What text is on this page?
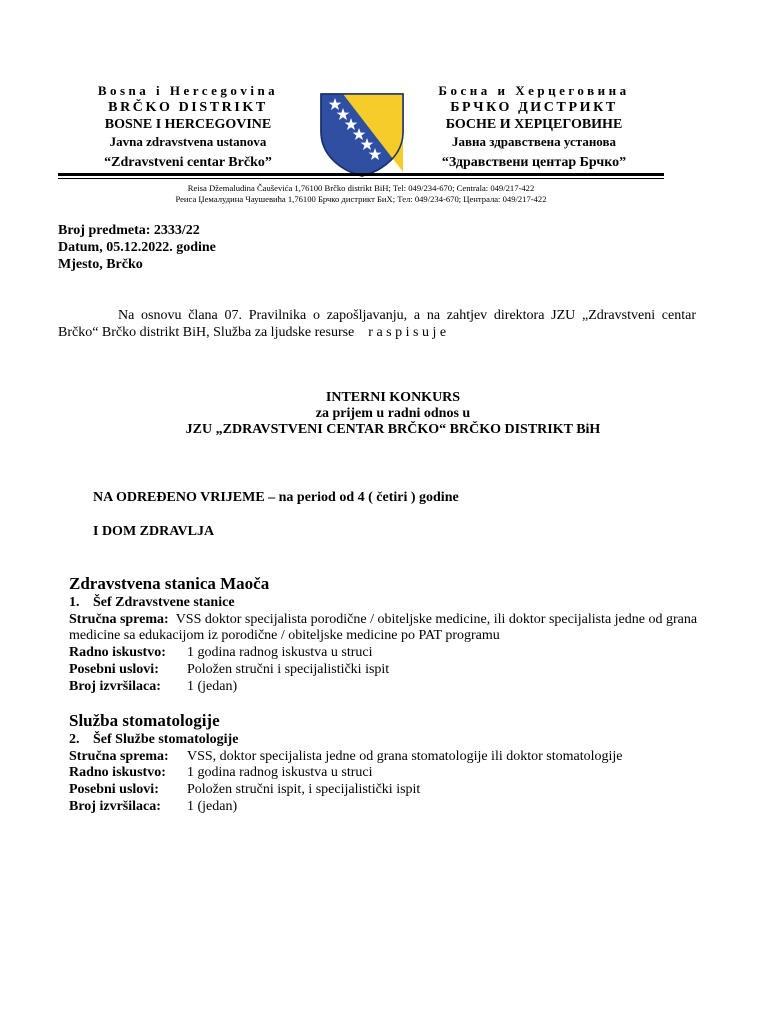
Bosna i Hercegovina
BRČKO DISTRIKT
BOSNE I HERCEGOVINE
Javna zdravstvena ustanova
“Zdravstveni centar Brčko”
Босна и Херцеговина
БРЧКО ДИСТРИКТ
БОСНЕ И ХЕРЦЕГОВИНЕ
Јавна здравствена установа
“Здравствени центар Брчко”
Reisa Džemaludina Čauševića 1,76100 Brčko distrikt BiH; Tel: 049/234-670; Centrala: 049/217-422
Реиса Џемалудина Чаушевића 1,76100 Брчко дистрикт БиХ; Тел: 049/234-670; Централа: 049/217-422
Broj predmeta: 2333/22
Datum, 05.12.2022. godine
Mjesto, Brčko
Na osnovu člana 07. Pravilnika o zapošljavanju, a na zahtjev direktora JZU „Zdravstveni centar Brčko“ Brčko distrikt BiH, Služba za ljudske resurse    raspisuje
INTERNI KONKURS
za prijem u radni odnos u
JZU „ZDRAVSTVENI CENTAR BRČKO“ BRČKO DISTRIKT BiH
NA ODREĐENO VRIJEME – na period od 4 ( četiri ) godine
I DOM ZDRAVLJA
Zdravstvena stanica Maoča
1. Šef Zdravstvene stanice
Stručna sprema: VSS doktor specijalista porodične / obiteljske medicine, ili doktor specijalista jedne od grana medicine sa edukacijom iz porodične / obiteljske medicine po PAT programu
Radno iskustvo:	1 godina radnog iskustva u struci
Posebni uslovi:	Položen stručni i specijalistički ispit
Broj izvršilaca:	1 (jedan)
Služba stomatologije
2. Šef Službe stomatologije
Stručna sprema:	VSS, doktor specijalista jedne od grana stomatologije ili doktor stomatologije
Radno iskustvo:	1 godina radnog iskustva u struci
Posebni uslovi:	Položen stručni ispit, i specijalistički ispit
Broj izvršilaca:	1 (jedan)
